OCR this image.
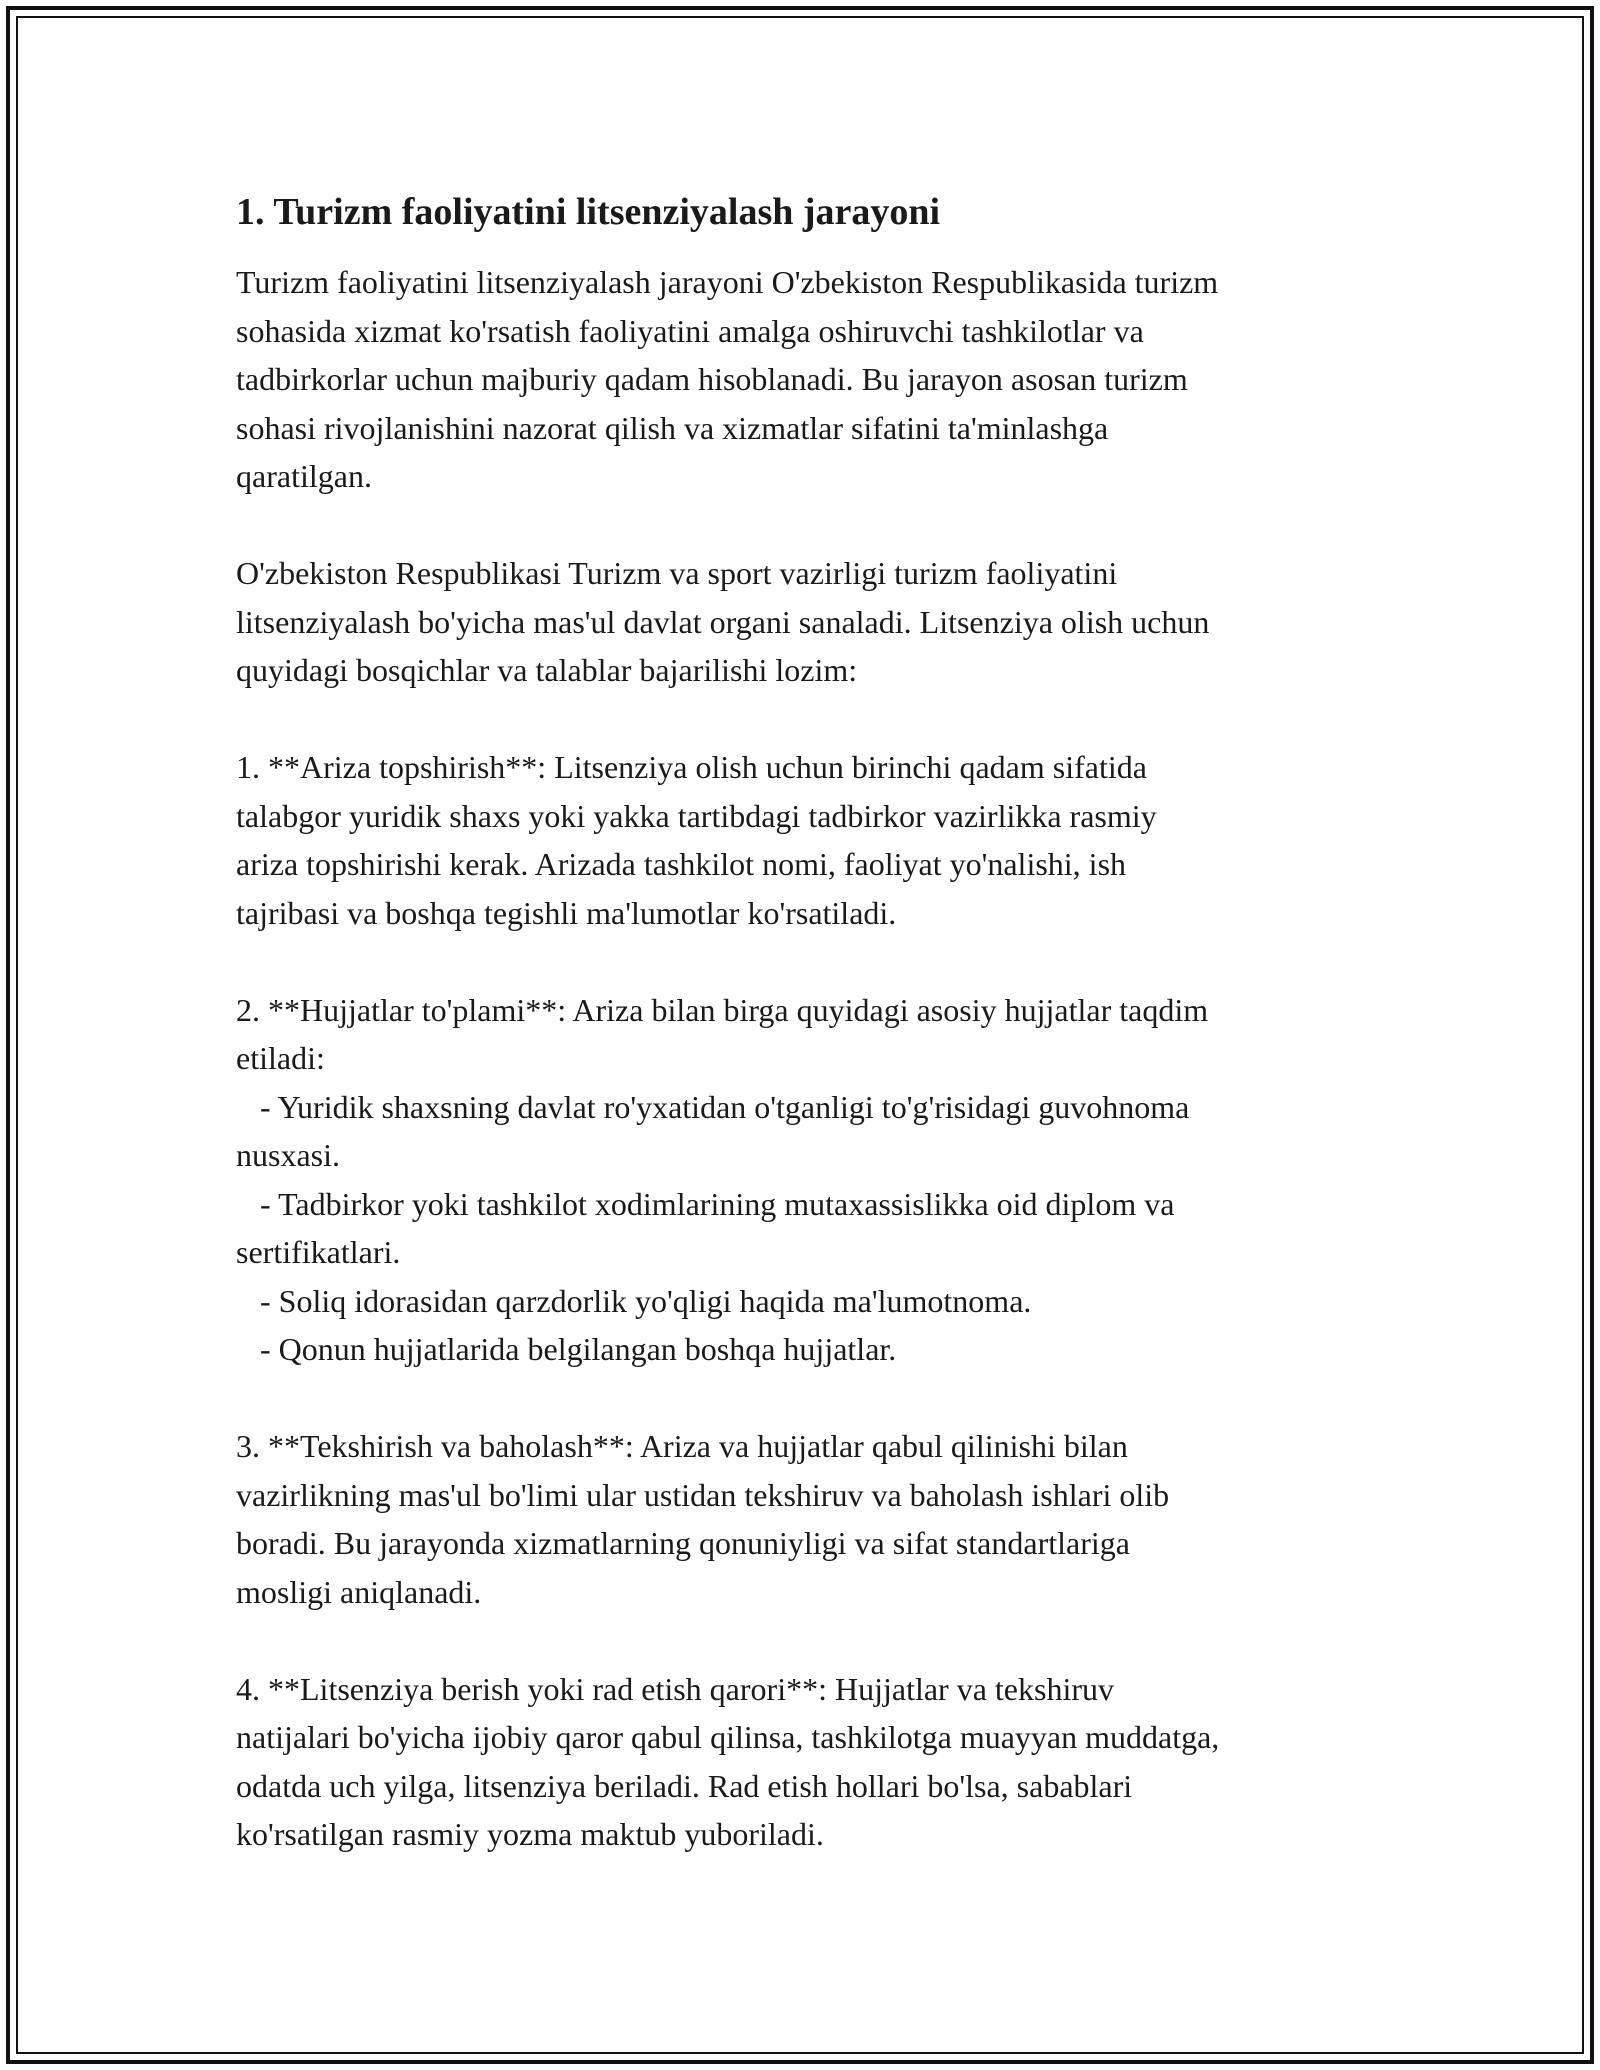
1. Turizm faoliyatini litsenziyalash jarayoni

Turizm faoliyatini litsenziyalash jarayoni O'zbekiston Respublikasida turizm
sohasida xizmat ko'rsatish faoliyatini amalga oshiruvchi tashkilotlar va
tadbirkorlar uchun majburiy qadam hisoblanadi. Bu jarayon asosan turizm
sohasi rivojlanishini nazorat qilish va xizmatlar sifatini ta'minlashga
qaratilgan.

O'zbekiston Respublikasi Turizm va sport vazirligi turizm faoliyatini
litsenziyalash bo'yicha mas'ul davlat organi sanaladi. Litsenziya olish uchun
quyidagi bosqichlar va talablar bajarilishi lozim:

1. **Ariza topshirish**: Litsenziya olish uchun birinchi qadam sifatida
talabgor yuridik shaxs yoki yakka tartibdagi tadbirkor vazirlikka rasmiy
ariza topshirishi kerak. Arizada tashkilot nomi, faoliyat yo'nalishi, ish
tajribasi va boshqa tegishli ma'lumotlar ko'rsatiladi.

2. **Hujjatlar to'plami**: Ariza bilan birga quyidagi asosiy hujjatlar taqdim
etiladi:
- Yuridik shaxsning davlat ro'yxatidan o'tganligi to'g'risidagi guvohnoma
nusxasi.
- Tadbirkor yoki tashkilot xodimlarining mutaxassislikka oid diplom va
sertifikatlari.
- Soliq idorasidan qarzdorlik yo'qligi haqida ma'lumotnoma.
- Qonun hujjatlarida belgilangan boshqa hujjatlar.

3. **Tekshirish va baholash**: Ariza va hujjatlar qabul qilinishi bilan
vazirlikning mas'ul bo'limi ular ustidan tekshiruv va baholash ishlari olib
boradi. Bu jarayonda xizmatlarning qonuniyligi va sifat standartlariga
mosligi aniqlanadi.

4. **Litsenziya berish yoki rad etish qarori**: Hujjatlar va tekshiruv
natijalari bo'yicha ijobiy qaror qabul qilinsa, tashkilotga muayyan muddatga,
odatda uch yilga, litsenziya beriladi. Rad etish hollari bo'lsa, sabablari
ko'rsatilgan rasmiy yozma maktub yuboriladi.
